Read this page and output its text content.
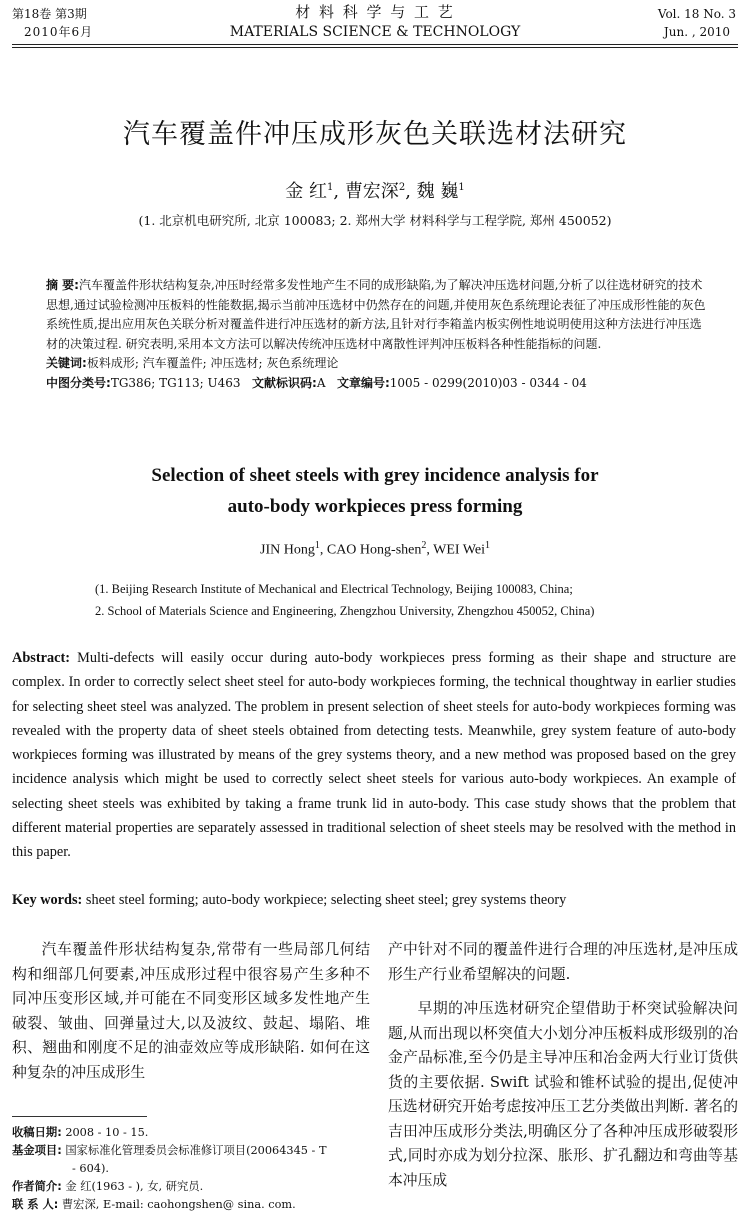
第18卷 第3期
2010年6月
材 料 科 学 与 工 艺
MATERIALS SCIENCE & TECHNOLOGY
Vol. 18 No. 3
Jun. , 2010
汽车覆盖件冲压成形灰色关联选材法研究
金 红$^1$, 曹宏深$^2$, 魏 巍$^1$
(1. 北京机电研究所, 北京 100083; 2. 郑州大学 材料科学与工程学院, 郑州 450052)
摘 要:汽车覆盖件形状结构复杂,冲压时经常多发性地产生不同的成形缺陷,为了解决冲压选材问题,分析了以往选材研究的技术思想,通过试验检测冲压板料的性能数据,揭示当前冲压选材中仍然存在的问题,并使用灰色系统理论表征了冲压成形性能的灰色系统性质,提出应用灰色关联分析对覆盖件进行冲压选材的新方法,且针对行李箱盖内板实例性地说明使用这种方法进行冲压选材的决策过程. 研究表明,采用本文方法可以解决传统冲压选材中离散性评判冲压板料各种性能指标的问题.
关键词:板料成形; 汽车覆盖件; 冲压选材; 灰色系统理论
中图分类号:TG386; TG113; U463 文献标识码:A 文章编号:1005 - 0299(2010)03 - 0344 - 04
Selection of sheet steels with grey incidence analysis for
auto-body workpieces press forming
JIN Hong$^1$, CAO Hong-shen$^2$, WEI Wei$^1$
(1. Beijing Research Institute of Mechanical and Electrical Technology, Beijing 100083, China;
2. School of Materials Science and Engineering, Zhengzhou University, Zhengzhou 450052, China)
Abstract: Multi-defects will easily occur during auto-body workpieces press forming as their shape and structure are complex. In order to correctly select sheet steel for auto-body workpieces forming, the technical thoughtway in earlier studies for selecting sheet steel was analyzed. The problem in present selection of sheet steels for auto-body workpieces forming was revealed with the property data of sheet steels obtained from detecting tests. Meanwhile, grey system feature of auto-body workpieces forming was illustrated by means of the grey systems theory, and a new method was proposed based on the grey incidence analysis which might be used to correctly select sheet steels for various auto-body workpieces. An example of selecting sheet steels was exhibited by taking a frame trunk lid in auto-body. This case study shows that the problem that different material properties are separately assessed in traditional selection of sheet steels may be resolved with the method in this paper.
Key words: sheet steel forming; auto-body workpiece; selecting sheet steel; grey systems theory

汽车覆盖件形状结构复杂,常带有一些局部几何结构和细部几何要素,冲压成形过程中很容易产生多种不同冲压变形区域,并可能在不同变形区域多发性地产生破裂、皱曲、回弹量过大,以及波纹、鼓起、塌陷、堆积、翘曲和刚度不足的油壶效应等成形缺陷. 如何在这种复杂的冲压成形生

产中针对不同的覆盖件进行合理的冲压选材,是冲压成形生产行业希望解决的问题.

早期的冲压选材研究企望借助于杯突试验解决问题,从而出现以杯突值大小划分冲压板料成形级别的冶金产品标准,至今仍是主导冲压和冶金两大行业订货供货的主要依据. Swift 试验和锥杯试验的提出,促使冲压选材研究开始考虑按冲压工艺分类做出判断. 著名的吉田冲压成形分类法,明确区分了各种冲压成形破裂形式,同时亦成为划分拉深、胀形、扩孔翻边和弯曲等基本冲压成

收稿日期: 2008 - 10 - 15.
基金项目: 国家标准化管理委员会标准修订项目(20064345 - T
- 604).
作者简介: 金 红(1963 - ), 女, 研究员.
联 系 人: 曹宏深, E-mail: caohongshen@ sina. com.
